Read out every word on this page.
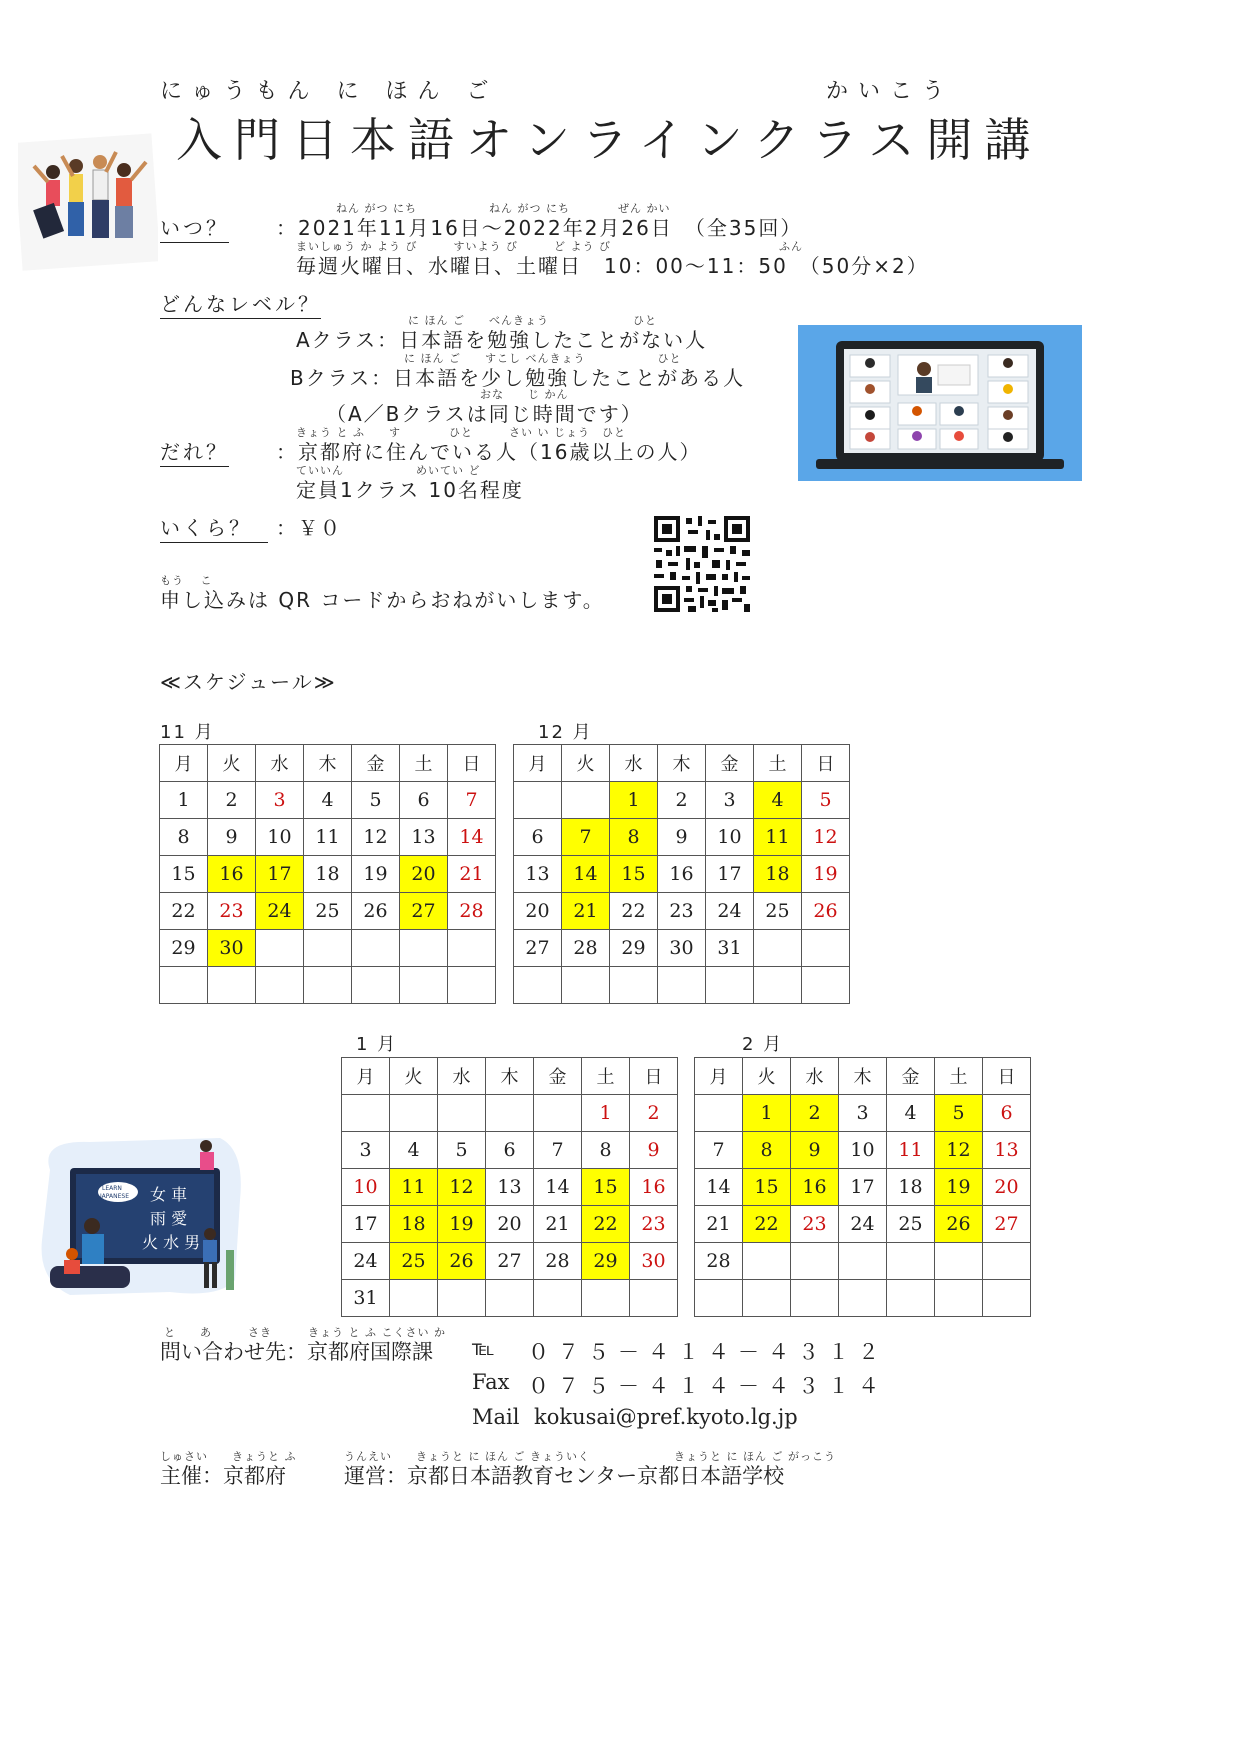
にゅうもん に ほん ご	かいこう
入門日本語オンラインクラス開講
いつ？
ねん がつ にち　　　　　　ねん がつ にち　　　　ぜん かい
：2021年11月16日～2022年2月26日　（全35回）
まいしゅう か よう び　　　すいよう び　　　ど よう び　　　　　　　　　　　　　　ふん
毎週火曜日、水曜日、土曜日　10：00～11：50　（50分×2）
どんなレベル？
に ほん ご　　べんきょう　　　　　　　ひと
Aクラス：日本語を勉強したことがない人
に ほん ご　　すこし べんきょう　　　　　　ひと
Bクラス：日本語を少し勉強したことがある人
おな　　じ かん
（A／Bクラスは同じ時間です）
だれ？
きょう と ふ　　す　　　　ひと　　　さい い じょう　ひと
：京都府に住んでいる人（16歳以上の人）
ていいん　　　　　　めいてい ど
定員1クラス 10名程度
いくら？	：￥０
もう　 こ
申し込みは QR コードからおねがいします。
≪スケジュール≫
11 月
月	火	水	木	金	土	日
1	2	3	4	5	6	7
8	9	10	11	12	13	14
15	16	17	18	19	20	21
22	23	24	25	26	27	28
29	30					

12 月
月	火	水	木	金	土	日
		1	2	3	4	5
6	7	8	9	10	11	12
13	14	15	16	17	18	19
20	21	22	23	24	25	26
27	28	29	30	31		

1 月
月	火	水	木	金	土	日
					1	2
3	4	5	6	7	8	9
10	11	12	13	14	15	16
17	18	19	20	21	22	23
24	25	26	27	28	29	30
31						
2 月
月	火	水	木	金	土	日
	1	2	3	4	5	6
7	8	9	10	11	12	13
14	15	16	17	18	19	20
21	22	23	24	25	26	27
28						

女 車
雨 愛
火 水 男
LEARN
JAPANESE
と　　あ　　　さき　　　きょう と ふ こくさい か
問い合わせ先：京都府国際課 ℡ ０７５－４１４－４３１２
Fax ０７５－４１４－４３１４
Mail kokusai@pref.kyoto.lg.jp
しゅさい　　きょうと ふ
主催：京都府
うんえい　　きょうと に ほん ご きょういく　　　　　　　きょうと に ほん ご がっこう
運営：京都日本語教育センター京都日本語学校
